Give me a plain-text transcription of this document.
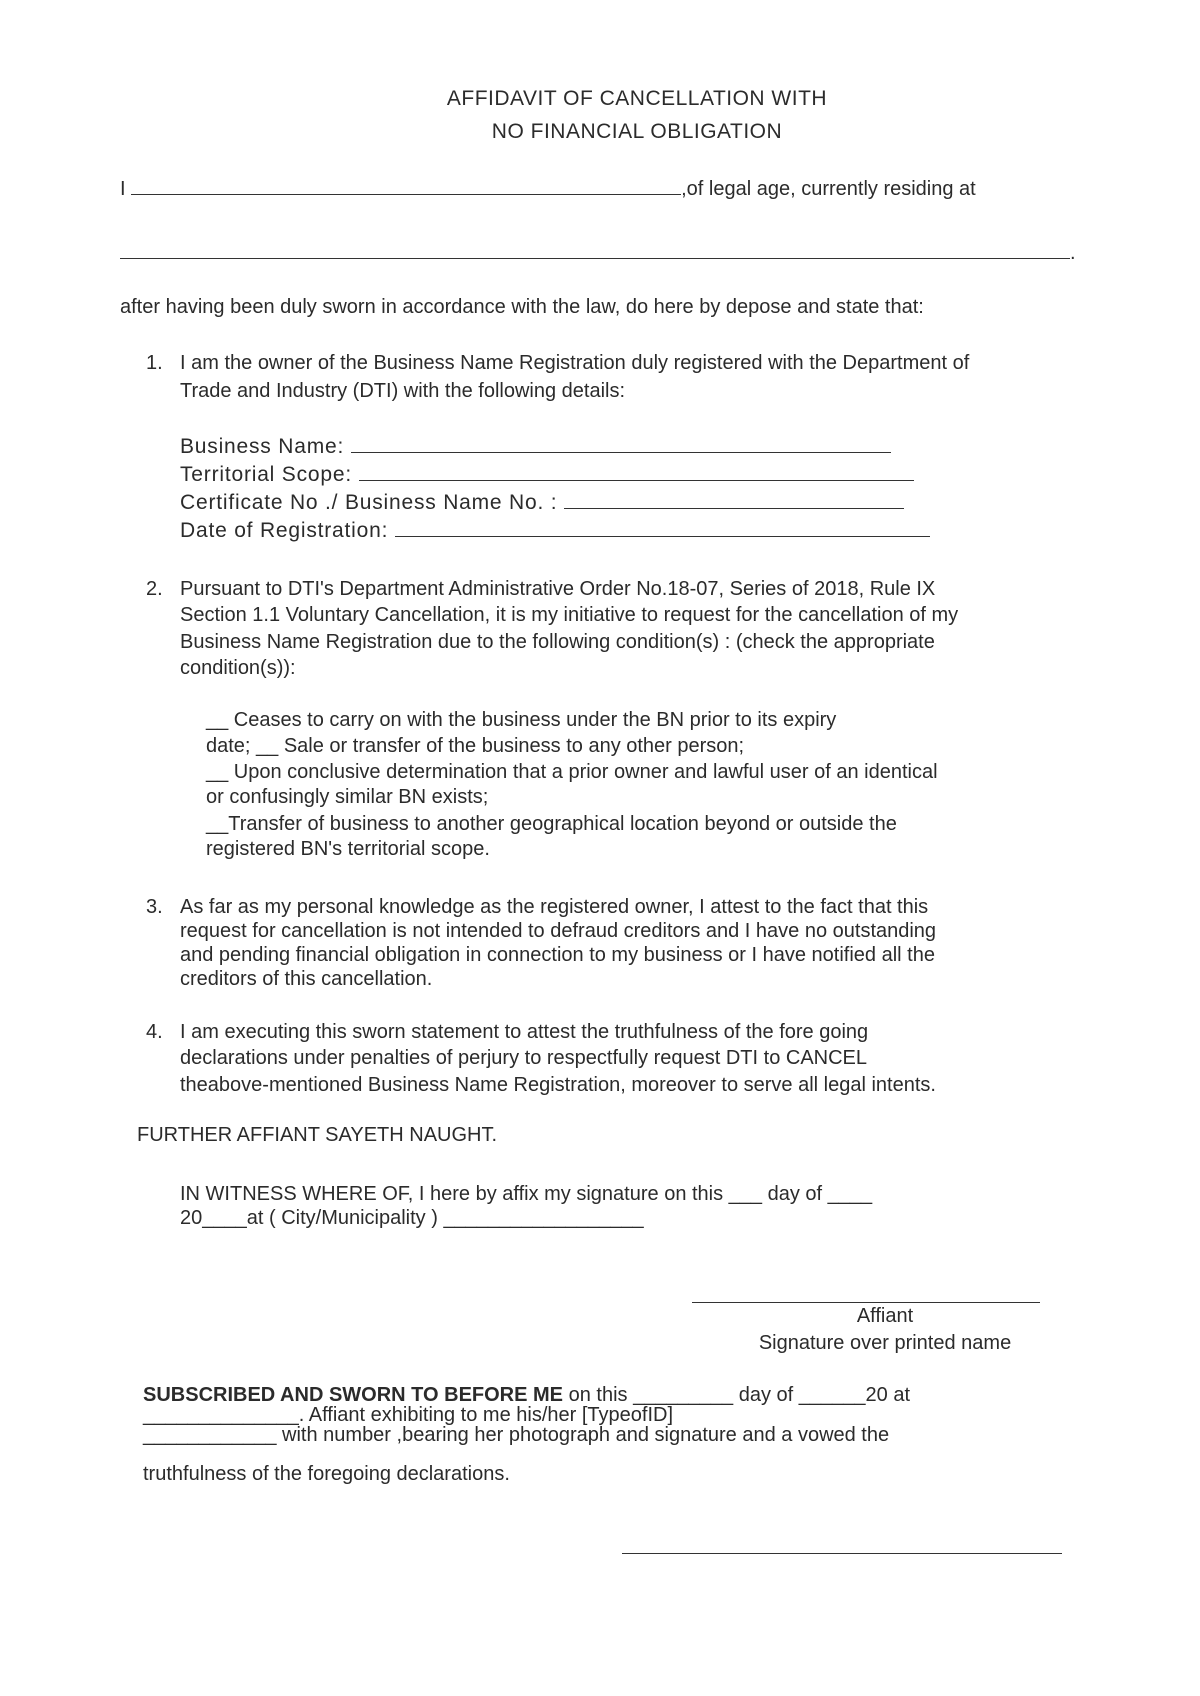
AFFIDAVIT OF CANCELLATION WITH
NO FINANCIAL OBLIGATION
I	,of legal age, currently residing at
.
after having been duly sworn in accordance with the law, do here by depose and state that:
1. I am the owner of the Business Name Registration duly registered with the Department of
Trade and Industry (DTI) with the following details:
Business Name:
Territorial Scope:
Certificate No ./ Business Name No. :
Date of Registration:
2. Pursuant to DTI's Department Administrative Order No.18-07, Series of 2018, Rule IX
Section 1.1 Voluntary Cancellation, it is my initiative to request for the cancellation of my
Business Name Registration due to the following condition(s) : (check the appropriate
condition(s)):
__ Ceases to carry on with the business under the BN prior to its expiry
date; __ Sale or transfer of the business to any other person;
__ Upon conclusive determination that a prior owner and lawful user of an identical
or confusingly similar BN exists;
__Transfer of business to another geographical location beyond or outside the
registered BN's territorial scope.
3. As far as my personal knowledge as the registered owner, I attest to the fact that this
request for cancellation is not intended to defraud creditors and I have no outstanding
and pending financial obligation in connection to my business or I have notified all the
creditors of this cancellation.
4. I am executing this sworn statement to attest the truthfulness of the fore going
declarations under penalties of perjury to respectfully request DTI to CANCEL
theabove-mentioned Business Name Registration, moreover to serve all legal intents.
FURTHER AFFIANT SAYETH NAUGHT.
IN WITNESS WHERE OF, I here by affix my signature on this ___ day of ____
20____at ( City/Municipality ) __________________
Affiant
Signature over printed name
SUBSCRIBED AND SWORN TO BEFORE ME on this _________ day of ______20 at
______________. Affiant exhibiting to me his/her [TypeofID]
____________ with number ,bearing her photograph and signature and a vowed the
truthfulness of the foregoing declarations.
